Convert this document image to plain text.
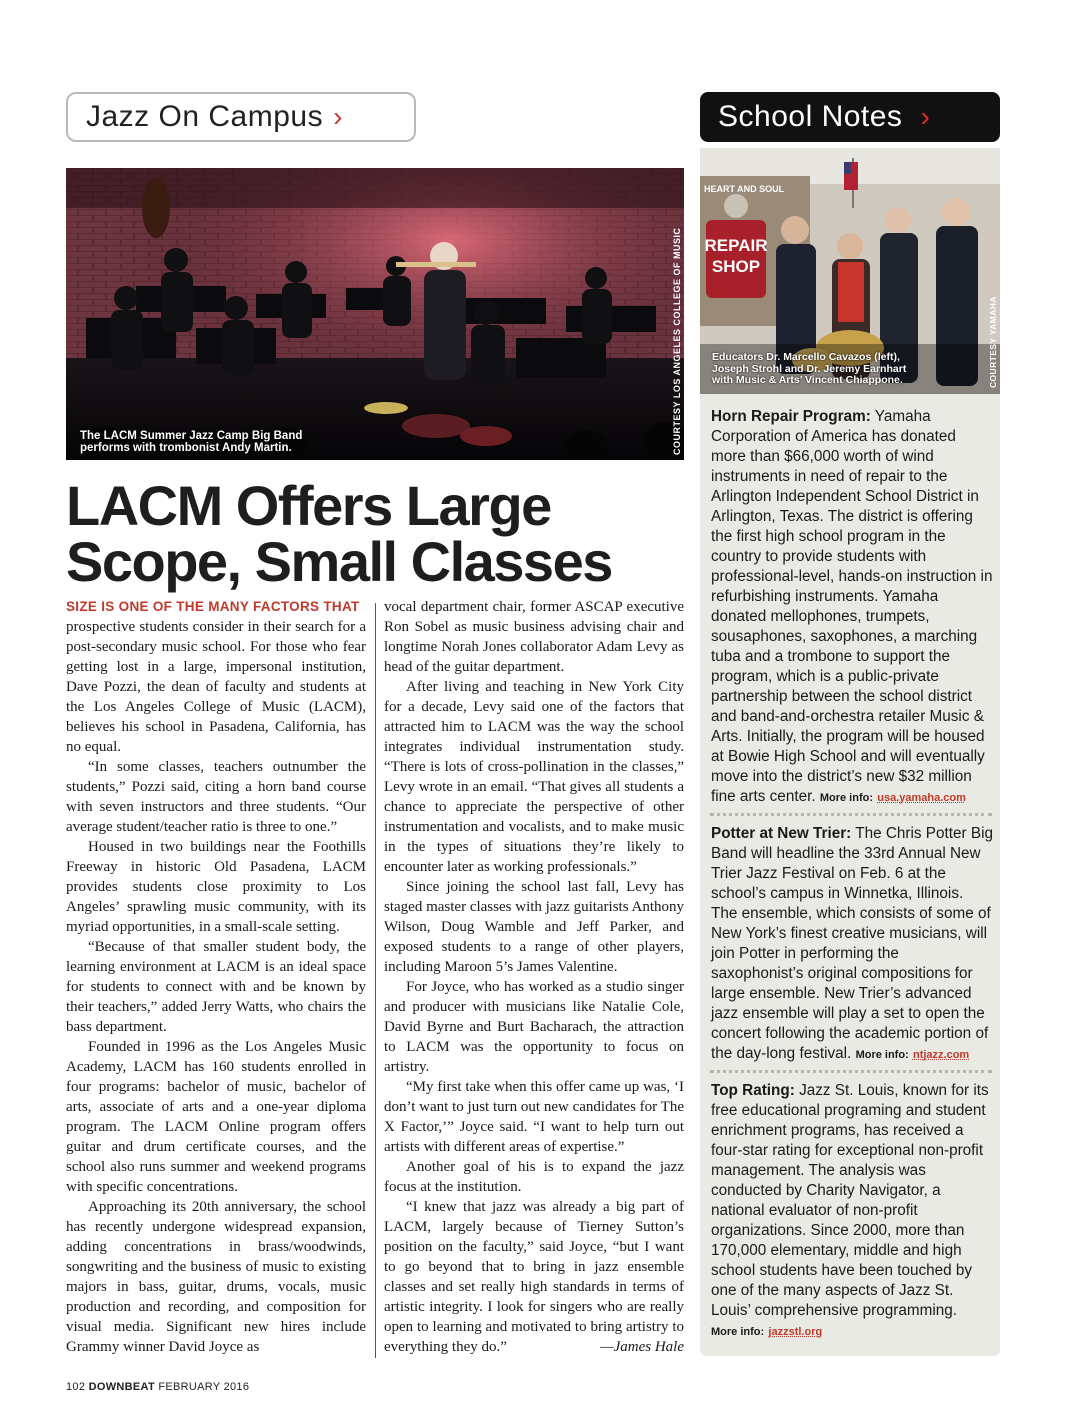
Jazz On Campus ›	School Notes ›
The LACM Summer Jazz Camp Big Band
performs with trombonist Andy Martin.	COURTESY LOS ANGELES COLLEGE OF MUSIC
LACM Offers Large
Scope, Small Classes

SIZE IS ONE OF THE MANY FACTORS THAT
prospective students consider in their search for a post-secondary music school. For those who fear getting lost in a large, impersonal institution, Dave Pozzi, the dean of faculty and students at the Los Angeles College of Music (LACM), believes his school in Pasadena, California, has no equal.

“In some classes, teachers outnumber the students,” Pozzi said, citing a horn band course with seven instructors and three students. “Our average student/teacher ratio is three to one.”

Housed in two buildings near the Foothills Freeway in historic Old Pasadena, LACM provides students close proximity to Los Angeles’ sprawling music community, with its myriad opportunities, in a small-scale setting.

“Because of that smaller student body, the learning environment at LACM is an ideal space for students to connect with and be known by their teachers,” added Jerry Watts, who chairs the bass department.

Founded in 1996 as the Los Angeles Music Academy, LACM has 160 students enrolled in four programs: bachelor of music, bachelor of arts, associate of arts and a one-year diploma program. The LACM Online program offers guitar and drum certificate courses, and the school also runs summer and weekend programs with specific concentrations.

Approaching its 20th anniversary, the school has recently undergone widespread expansion, adding concentrations in brass/woodwinds, songwriting and the business of music to existing majors in bass, guitar, drums, vocals, music production and recording, and composition for visual media. Significant new hires include Grammy winner David Joyce as

vocal department chair, former ASCAP executive Ron Sobel as music business advising chair and longtime Norah Jones collaborator Adam Levy as head of the guitar department.

After living and teaching in New York City for a decade, Levy said one of the factors that attracted him to LACM was the way the school integrates individual instrumentation study. “There is lots of cross-pollination in the classes,” Levy wrote in an email. “That gives all students a chance to appreciate the perspective of other instrumentation and vocalists, and to make music in the types of situations they’re likely to encounter later as working professionals.”

Since joining the school last fall, Levy has staged master classes with jazz guitarists Anthony Wilson, Doug Wamble and Jeff Parker, and exposed students to a range of other players, including Maroon 5’s James Valentine.

For Joyce, who has worked as a studio singer and producer with musicians like Natalie Cole, David Byrne and Burt Bacharach, the attraction to LACM was the opportunity to focus on artistry.

“My first take when this offer came up was, ‘I don’t want to just turn out new candidates for The X Factor,’” Joyce said. “I want to help turn out artists with different areas of expertise.”

Another goal of his is to expand the jazz focus at the institution.

“I knew that jazz was already a big part of LACM, largely because of Tierney Sutton’s position on the faculty,” said Joyce, “but I want to go beyond that to bring in jazz ensemble classes and set really high standards in terms of artistic integrity. I look for singers who are really open to learning and motivated to bring artistry to everything they do.”	—James Hale

REPAIR
SHOP
HEART AND SOUL
Educators Dr. Marcello Cavazos (left),
Joseph Strohl and Dr. Jeremy Earnhart
with Music & Arts’ Vincent Chiappone.	COURTESY YAMAHA
Horn Repair Program: Yamaha Corporation of America has donated more than $66,000 worth of wind instruments in need of repair to the Arlington Independent School District in Arlington, Texas. The district is offering the first high school program in the country to provide students with professional-level, hands-on instruction in refurbishing instruments. Yamaha donated mellophones, trumpets, sousaphones, saxophones, a marching tuba and a trombone to support the program, which is a public-private partnership between the school district and band-and-orchestra retailer Music & Arts. Initially, the program will be housed at Bowie High School and will eventually move into the district’s new $32 million fine arts center. More info: usa.yamaha.com
Potter at New Trier: The Chris Potter Big Band will headline the 33rd Annual New Trier Jazz Festival on Feb. 6 at the school’s campus in Winnetka, Illinois. The ensemble, which consists of some of New York’s finest creative musicians, will join Potter in performing the saxophonist’s original compositions for large ensemble. New Trier’s advanced jazz ensemble will play a set to open the concert following the academic portion of the day-long festival. More info: ntjazz.com
Top Rating: Jazz St. Louis, known for its free educational programing and student enrichment programs, has received a four-star rating for exceptional non-profit management. The analysis was conducted by Charity Navigator, a national evaluator of non-profit organizations. Since 2000, more than 170,000 elementary, middle and high school students have been touched by one of the many aspects of Jazz St. Louis’ comprehensive programming.
More info: jazzstl.org
102 DOWNBEAT FEBRUARY 2016
